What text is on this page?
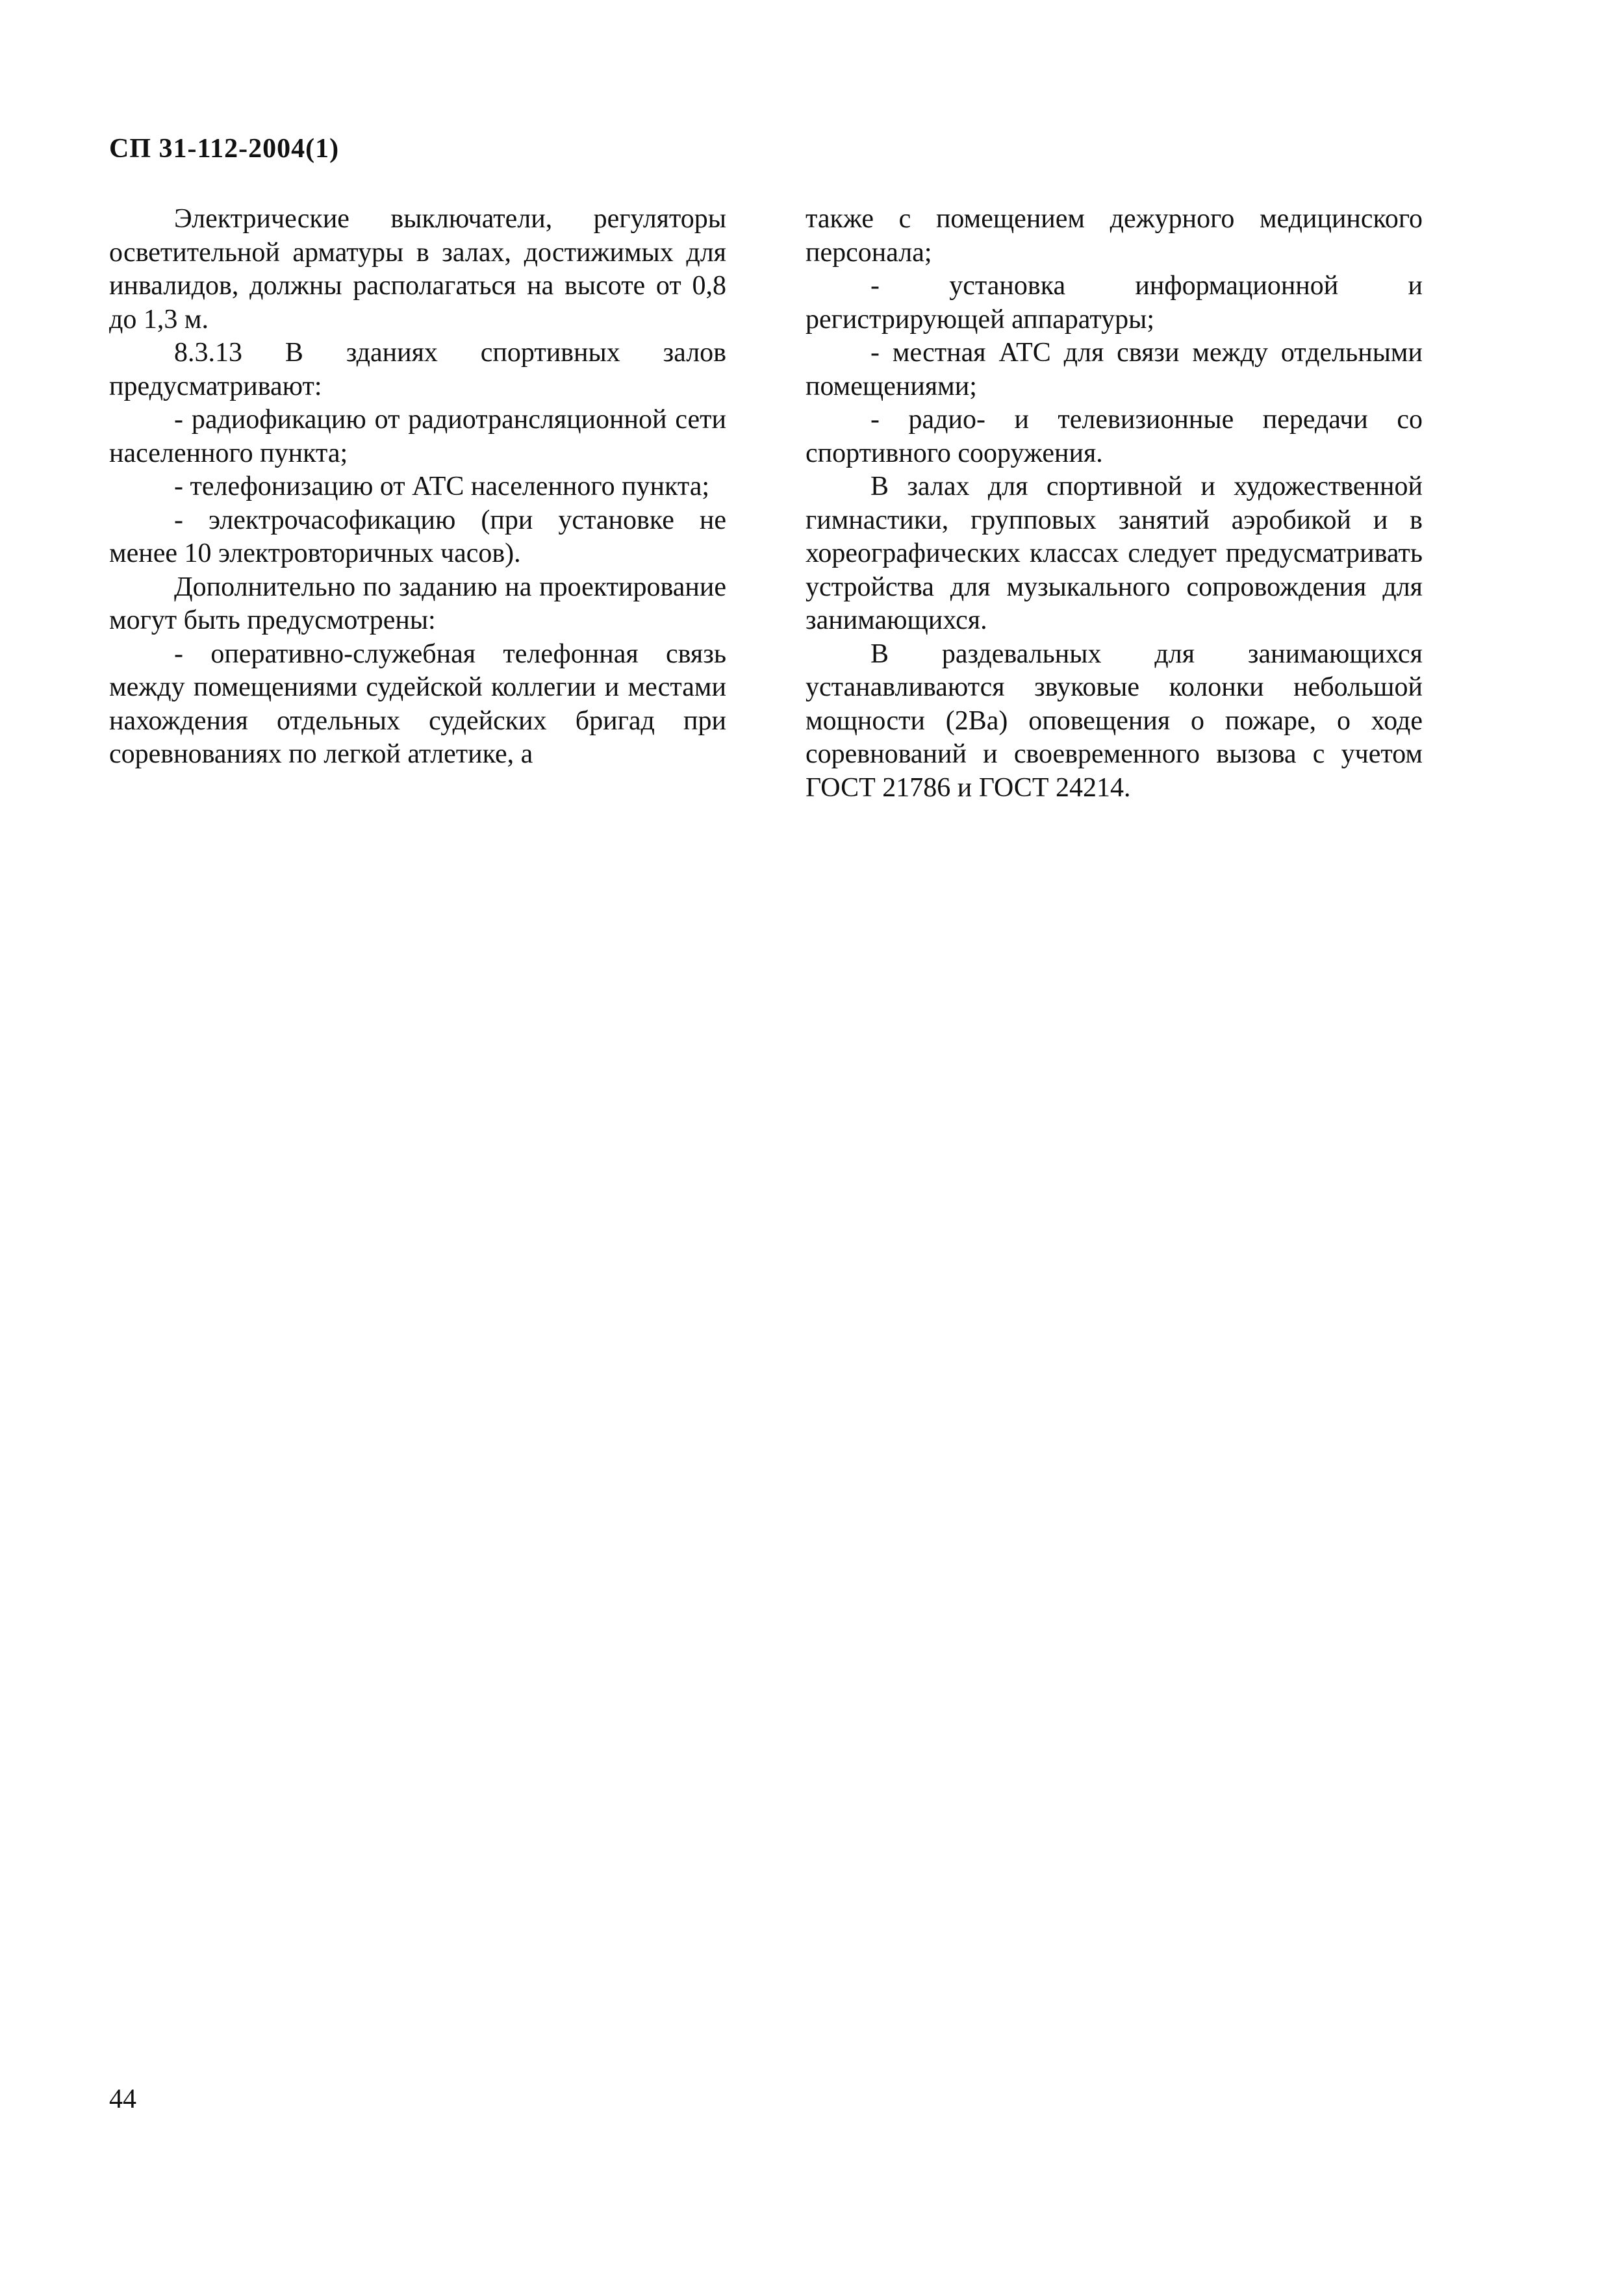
СП 31-112-2004(1)

Электрические выключатели, регуляторы осветительной арматуры в залах, достижимых для инвалидов, должны располагаться на высоте от 0,8 до 1,3 м.

8.3.13 В зданиях спортивных залов предусматривают:

- радиофикацию от радиотрансляционной сети населенного пункта;

- телефонизацию от АТС населенного пункта;

- электрочасофикацию (при установке не менее 10 электровторичных часов).

Дополнительно по заданию на проектирование могут быть предусмотрены:

- оперативно-служебная телефонная связь между помещениями судейской коллегии и местами нахождения отдельных судейских бригад при соревнованиях по легкой атлетике, а

также с помещением дежурного медицинского персонала;

- установка информационной и регистрирующей аппаратуры;

- местная АТС для связи между отдельными помещениями;

- радио- и телевизионные передачи со спортивного сооружения.

В залах для спортивной и художественной гимнастики, групповых занятий аэробикой и в хореографических классах следует предусматривать устройства для музыкального сопровождения для занимающихся.

В раздевальных для занимающихся устанавливаются звуковые колонки небольшой мощности (2Ва) оповещения о пожаре, о ходе соревнований и своевременного вызова с учетом ГОСТ 21786 и ГОСТ 24214.

44
